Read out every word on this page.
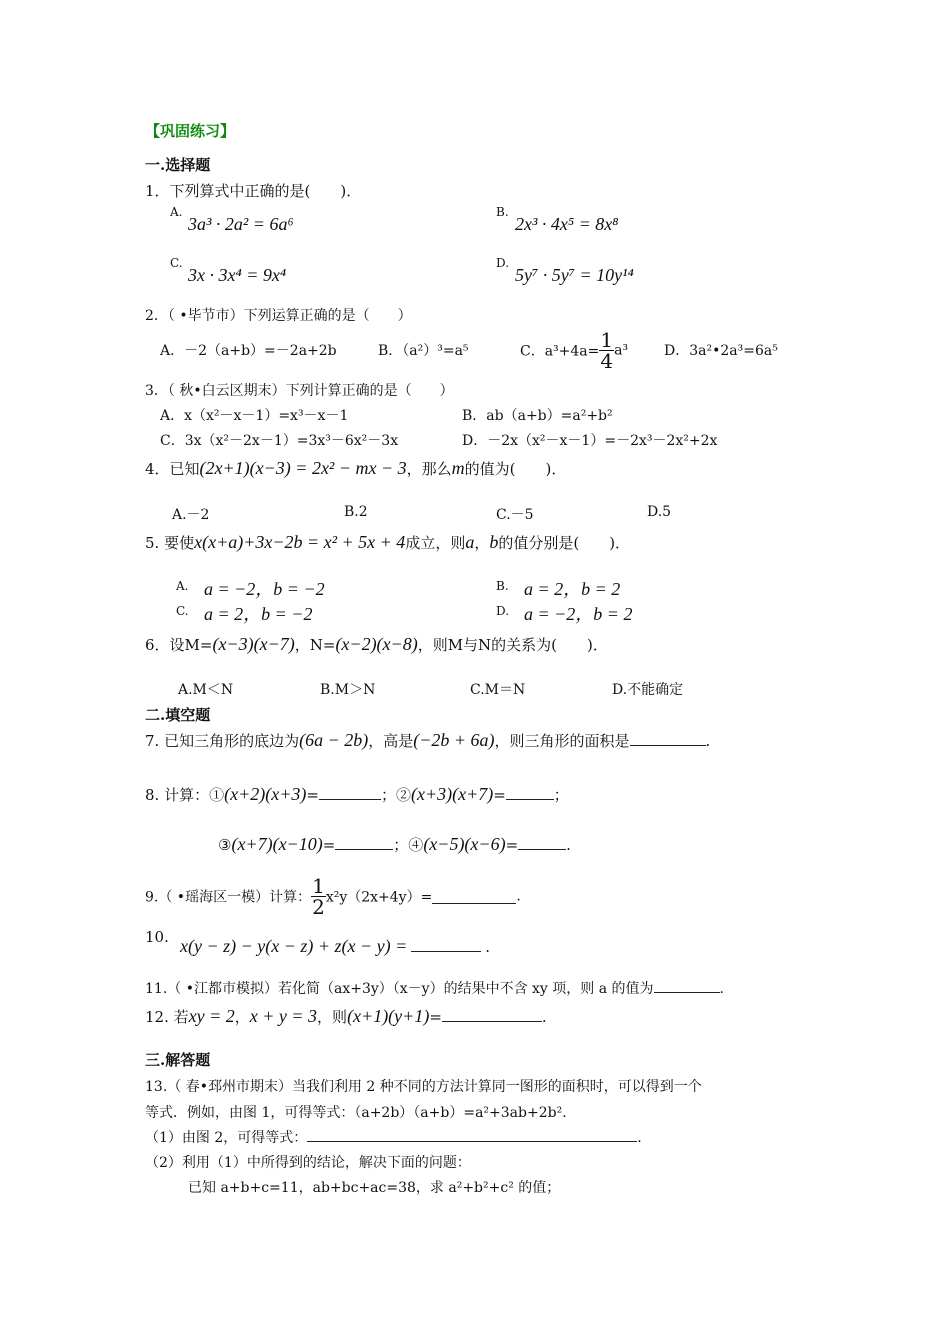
【巩固练习】
一.选择题
1．下列算式中正确的是(　　)．
A.
3a³ · 2a² = 6a⁶
B.
2x³ · 4x⁵ = 8x⁸
C.
3x · 3x⁴ = 9x⁴
D.
5y⁷ · 5y⁷ = 10y¹⁴
2．（ •毕节市）下列运算正确的是（　　）
A．－2（a+b）=－2a+2b	B．（a²）³=a⁵	C．$a^3+4a= \frac{1}{4} a^3$	D．3a²•2a³=6a⁵
3．（ 秋•白云区期末）下列计算正确的是（　　）
A．x（x²－x－1）=x³－x－1	B．ab（a+b）=a²+b²
C．3x（x²－2x－1）=3x³－6x²－3x	D．－2x（x²－x－1）=－2x³－2x²+2x
4．已知(2x+1)(x−3) = 2x² − mx − 3，那么m的值为(　　)．
A.－2	B.2	C.－5	D.5
5. 要使x(x+a)+3x−2b = x² + 5x + 4成立，则a，b的值分别是(　　)．
A. a = −2，b = −2	B. a = 2，b = 2
C. a = 2，b = −2	D. a = −2，b = 2
6．设M=(x−3)(x−7)，N=(x−2)(x−8)，则M与N的关系为(　　)．
A.M＜N	B.M＞N	C.M＝N	D.不能确定
二.填空题
7. 已知三角形的底边为(6a − 2b)，高是(−2b + 6a)，则三角形的面积是	.
8. 计算：①(x+2)(x+3)=	；②(x+3)(x+7)=	；
③(x+7)(x−10)=	；④(x−5)(x−6)=	.
9.（ •瑶海区一模）计算： $\frac{1}{2} x^2y(2x+4y)=$	.
10. x(y − z) − y(x − z) + z(x − y) =	.
11.（ •江都市模拟）若化简（ax+3y）（x－y）的结果中不含 xy 项，则 a 的值为	.
12. 若xy = 2，x + y = 3，则(x+1)(y+1)=	.
三.解答题
13.（ 春•邳州市期末）当我们利用 2 种不同的方法计算同一图形的面积时，可以得到一个
等式．例如，由图 1，可得等式：（a+2b）（a+b）=a²+3ab+2b².
（1）由图 2，可得等式：	.
（2）利用（1）中所得到的结论，解决下面的问题：
已知 a+b+c=11，ab+bc+ac=38，求 a²+b²+c² 的值；
